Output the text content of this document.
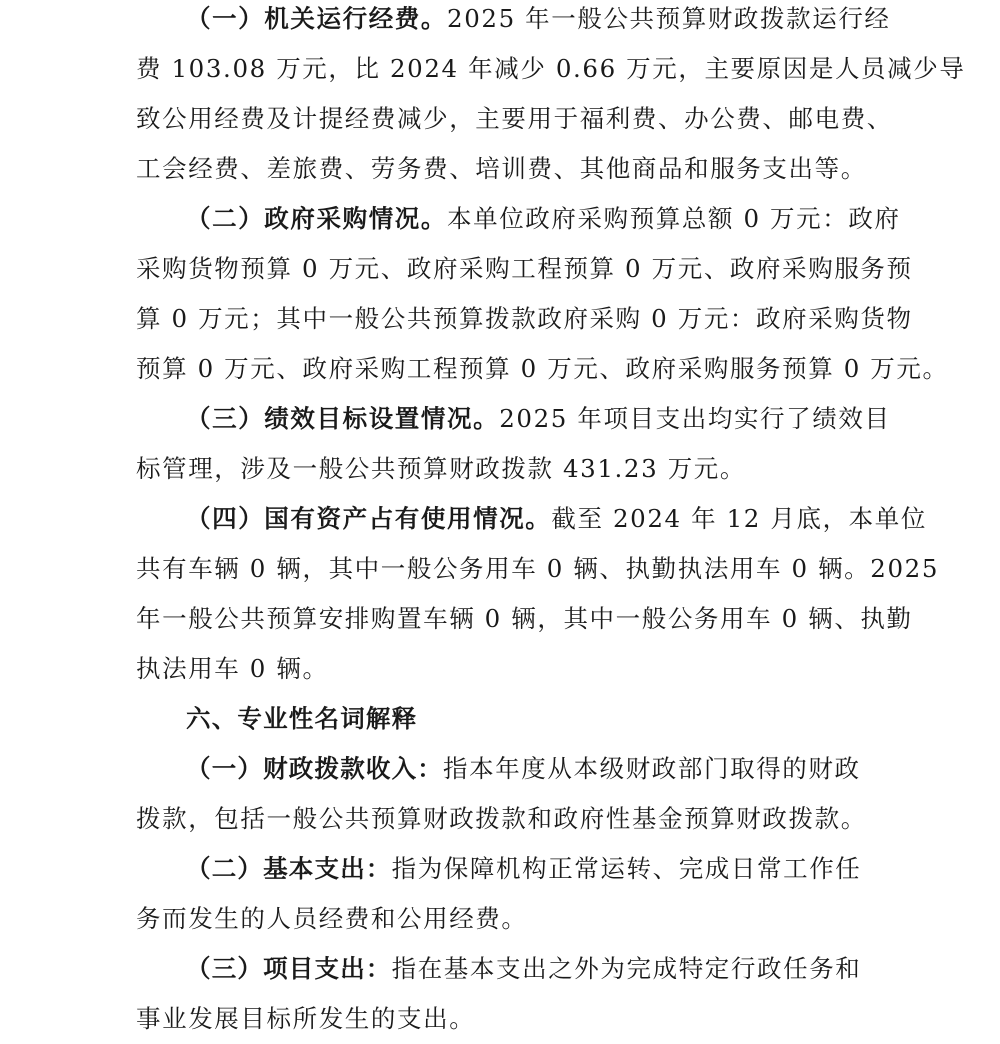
（一）机关运行经费。2025 年一般公共预算财政拨款运行经
费 103.08 万元，比 2024 年减少 0.66 万元，主要原因是人员减少导
致公用经费及计提经费减少，主要用于福利费、办公费、邮电费、
工会经费、差旅费、劳务费、培训费、其他商品和服务支出等。
（二）政府采购情况。本单位政府采购预算总额 0 万元：政府
采购货物预算 0 万元、政府采购工程预算 0 万元、政府采购服务预
算 0 万元；其中一般公共预算拨款政府采购 0 万元：政府采购货物
预算 0 万元、政府采购工程预算 0 万元、政府采购服务预算 0 万元。
（三）绩效目标设置情况。2025 年项目支出均实行了绩效目
标管理，涉及一般公共预算财政拨款 431.23 万元。
（四）国有资产占有使用情况。截至 2024 年 12 月底，本单位
共有车辆 0 辆，其中一般公务用车 0 辆、执勤执法用车 0 辆。2025
年一般公共预算安排购置车辆 0 辆，其中一般公务用车 0 辆、执勤
执法用车 0 辆。
六、专业性名词解释
（一）财政拨款收入：指本年度从本级财政部门取得的财政
拨款，包括一般公共预算财政拨款和政府性基金预算财政拨款。
（二）基本支出：指为保障机构正常运转、完成日常工作任
务而发生的人员经费和公用经费。
（三）项目支出：指在基本支出之外为完成特定行政任务和
事业发展目标所发生的支出。
